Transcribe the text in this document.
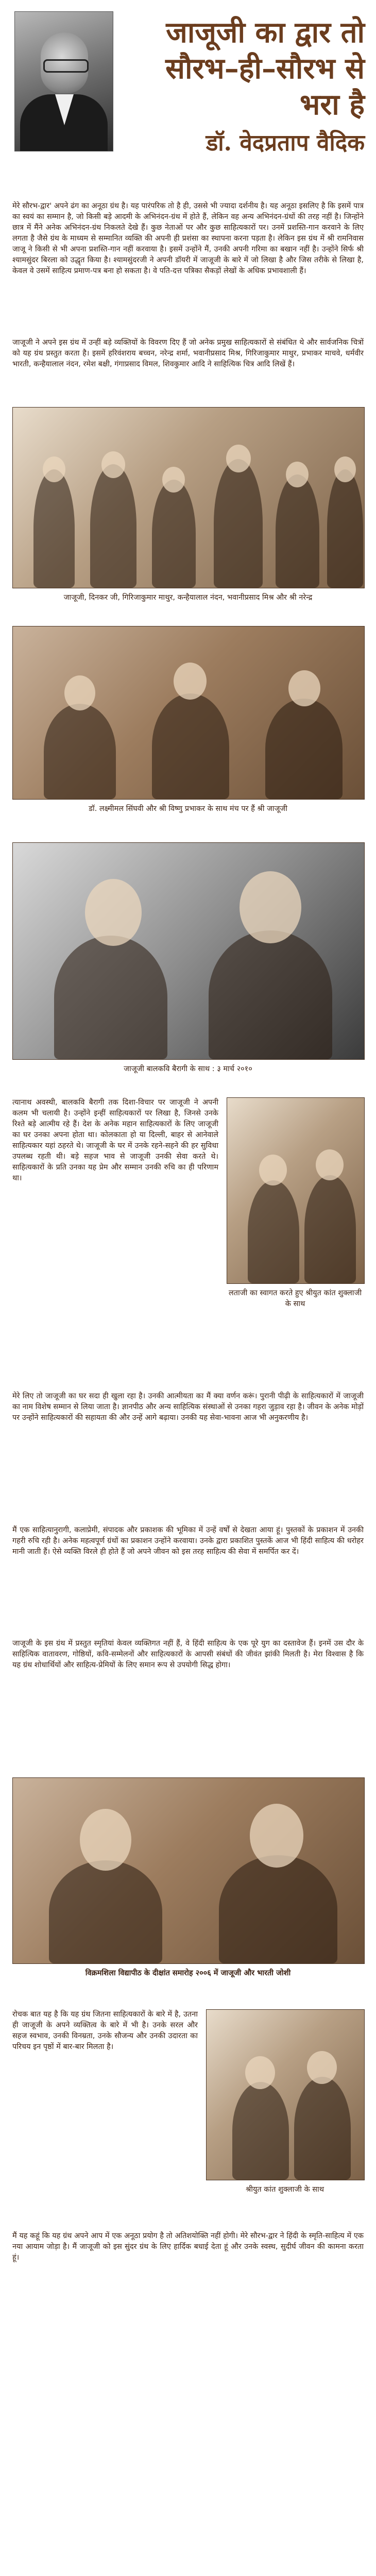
जाजूजी का द्वार तो सौरभ–ही–सौरभ से भरा है
डॉ. वेदप्रताप वैदिक
मेरे सौरभ-द्वार' अपने ढंग का अनूठा ग्रंथ है। यह पारंपरिक तो है ही, उससे भी ज्यादा दर्शनीय है। यह अनूठा इसलिए है कि इसमें पात्र का स्वयं का सम्मान है, जो किसी बड़े आदमी के अभिनंदन-ग्रंथ में होते हैं, लेकिन वह अन्य अभिनंदन-ग्रंथों की तरह नहीं है। जिन्होंने छात्र में मैंने अनेक अभिनंदन-ग्रंथ निकलते देखे हैं। कुछ नेताओं पर और कुछ साहित्यकारों पर। उनमें प्रशस्ति-गान करवाने के लिए लगता है जैसे ग्रंथ के माध्यम से सम्मानित व्यक्ति की अपनी ही प्रशंसा का स्थापना करना पड़ता है। लेकिन इस ग्रंथ में श्री रामनिवास जाजू ने किसी से भी अपना प्रशस्ति-गान नहीं करवाया है। इसमें उन्होंने मैं, उनकी अपनी गरिमा का बखान नहीं है। उन्होंने सिर्फ श्री श्यामसुंदर बिरला को उद्धृत किया है। श्यामसुंदरजी ने अपनी डॉयरी में जाजूजी के बारे में जो लिखा है और जिस तरीके से लिखा है, केवल वे उसमें साहित्य प्रमाण-पत्र बना हो सकता है। वे पति-दत्त पत्रिका सैकड़ों लेखों के अधिक प्रभावशाली हैं।
जाजूजी ने अपने इस ग्रंथ में उन्हीं बड़े व्यक्तियों के विवरण दिए हैं जो अनेक प्रमुख साहित्यकारों से संबंधित थे और सार्वजनिक चित्रों को यह ग्रंथ प्रस्तुत करता है। इसमें हरिवंशराय बच्चन, नरेन्द्र शर्मा, भवानीप्रसाद मिश्र, गिरिजाकुमार माथुर, प्रभाकर माचवे, धर्मवीर भारती, कन्हैयालाल नंदन, रमेश बक्षी, गंगाप्रसाद विमल, शिवकुमार आदि ने साहित्यिक चित्र आदि लिखें हैं।
जाजूजी, दिनकर जी, गिरिजाकुमार माथुर, कन्हैयालाल नंदन, भवानीप्रसाद मिश्र और श्री नरेन्द्र
डॉ. लक्ष्मीमल सिंघवी और श्री विष्णु प्रभाकर के साथ मंच पर हैं श्री जाजूजी
जाजूजी बालकवि बैरागी के साथ : ३ मार्च २०१०
त्यानाथ अवस्थी, बालकवि बैरागी तक दिशा-विचार पर जाजूजी ने अपनी कलम भी चलायी है। उन्होंने इन्हीं साहित्यकारों पर लिखा है, जिनसे उनके रिश्ते बड़े आत्मीय रहे हैं। देश के अनेक महान साहित्यकारों के लिए जाजूजी का घर उनका अपना होता था। कोलकाता हो या दिल्ली, बाहर से आनेवाले साहित्यकार यहां ठहरते थे। जाजूजी के घर में उनके रहने-सहने की हर सुविधा उपलब्ध रहती थी। बड़े सहज भाव से जाजूजी उनकी सेवा करते थे। साहित्यकारों के प्रति उनका यह प्रेम और सम्मान उनकी रुचि का ही परिणाम था।
लताजी का स्वागत करते हुए श्रीयुत कांत शुक्लाजी के साथ
मेरे लिए तो जाजूजी का घर सदा ही खुला रहा है। उनकी आत्मीयता का मैं क्या वर्णन करूं। पुरानी पीढ़ी के साहित्यकारों में जाजूजी का नाम विशेष सम्मान से लिया जाता है। ज्ञानपीठ और अन्य साहित्यिक संस्थाओं से उनका गहरा जुड़ाव रहा है। जीवन के अनेक मोड़ों पर उन्होंने साहित्यकारों की सहायता की और उन्हें आगे बढ़ाया। उनकी यह सेवा-भावना आज भी अनुकरणीय है।
मैं एक साहित्यानुरागी, कलाप्रेमी, संपादक और प्रकाशक की भूमिका में उन्हें वर्षों से देखता आया हूं। पुस्तकों के प्रकाशन में उनकी गहरी रुचि रही है। अनेक महत्वपूर्ण ग्रंथों का प्रकाशन उन्होंने करवाया। उनके द्वारा प्रकाशित पुस्तकें आज भी हिंदी साहित्य की धरोहर मानी जाती हैं। ऐसे व्यक्ति विरले ही होते हैं जो अपने जीवन को इस तरह साहित्य की सेवा में समर्पित कर दें।
जाजूजी के इस ग्रंथ में प्रस्तुत स्मृतियां केवल व्यक्तिगत नहीं हैं, वे हिंदी साहित्य के एक पूरे युग का दस्तावेज हैं। इनमें उस दौर के साहित्यिक वातावरण, गोष्ठियों, कवि-सम्मेलनों और साहित्यकारों के आपसी संबंधों की जीवंत झांकी मिलती है। मेरा विश्वास है कि यह ग्रंथ शोधार्थियों और साहित्य-प्रेमियों के लिए समान रूप से उपयोगी सिद्ध होगा।
विक्रमशिला विद्यापीठ के दीक्षांत समारोह २००६ में जाजूजी और भारती जोशी
रोचक बात यह है कि यह ग्रंथ जितना साहित्यकारों के बारे में है, उतना ही जाजूजी के अपने व्यक्तित्व के बारे में भी है। उनके सरल और सहज स्वभाव, उनकी विनम्रता, उनके सौजन्य और उनकी उदारता का परिचय इन पृष्ठों में बार-बार मिलता है।
श्रीयुत कांत शुक्लाजी के साथ
मैं यह कहूं कि यह ग्रंथ अपने आप में एक अनूठा प्रयोग है तो अतिशयोक्ति नहीं होगी। मेरे सौरभ-द्वार ने हिंदी के स्मृति-साहित्य में एक नया आयाम जोड़ा है। मैं जाजूजी को इस सुंदर ग्रंथ के लिए हार्दिक बधाई देता हूं और उनके स्वस्थ, सुदीर्घ जीवन की कामना करता हूं।
